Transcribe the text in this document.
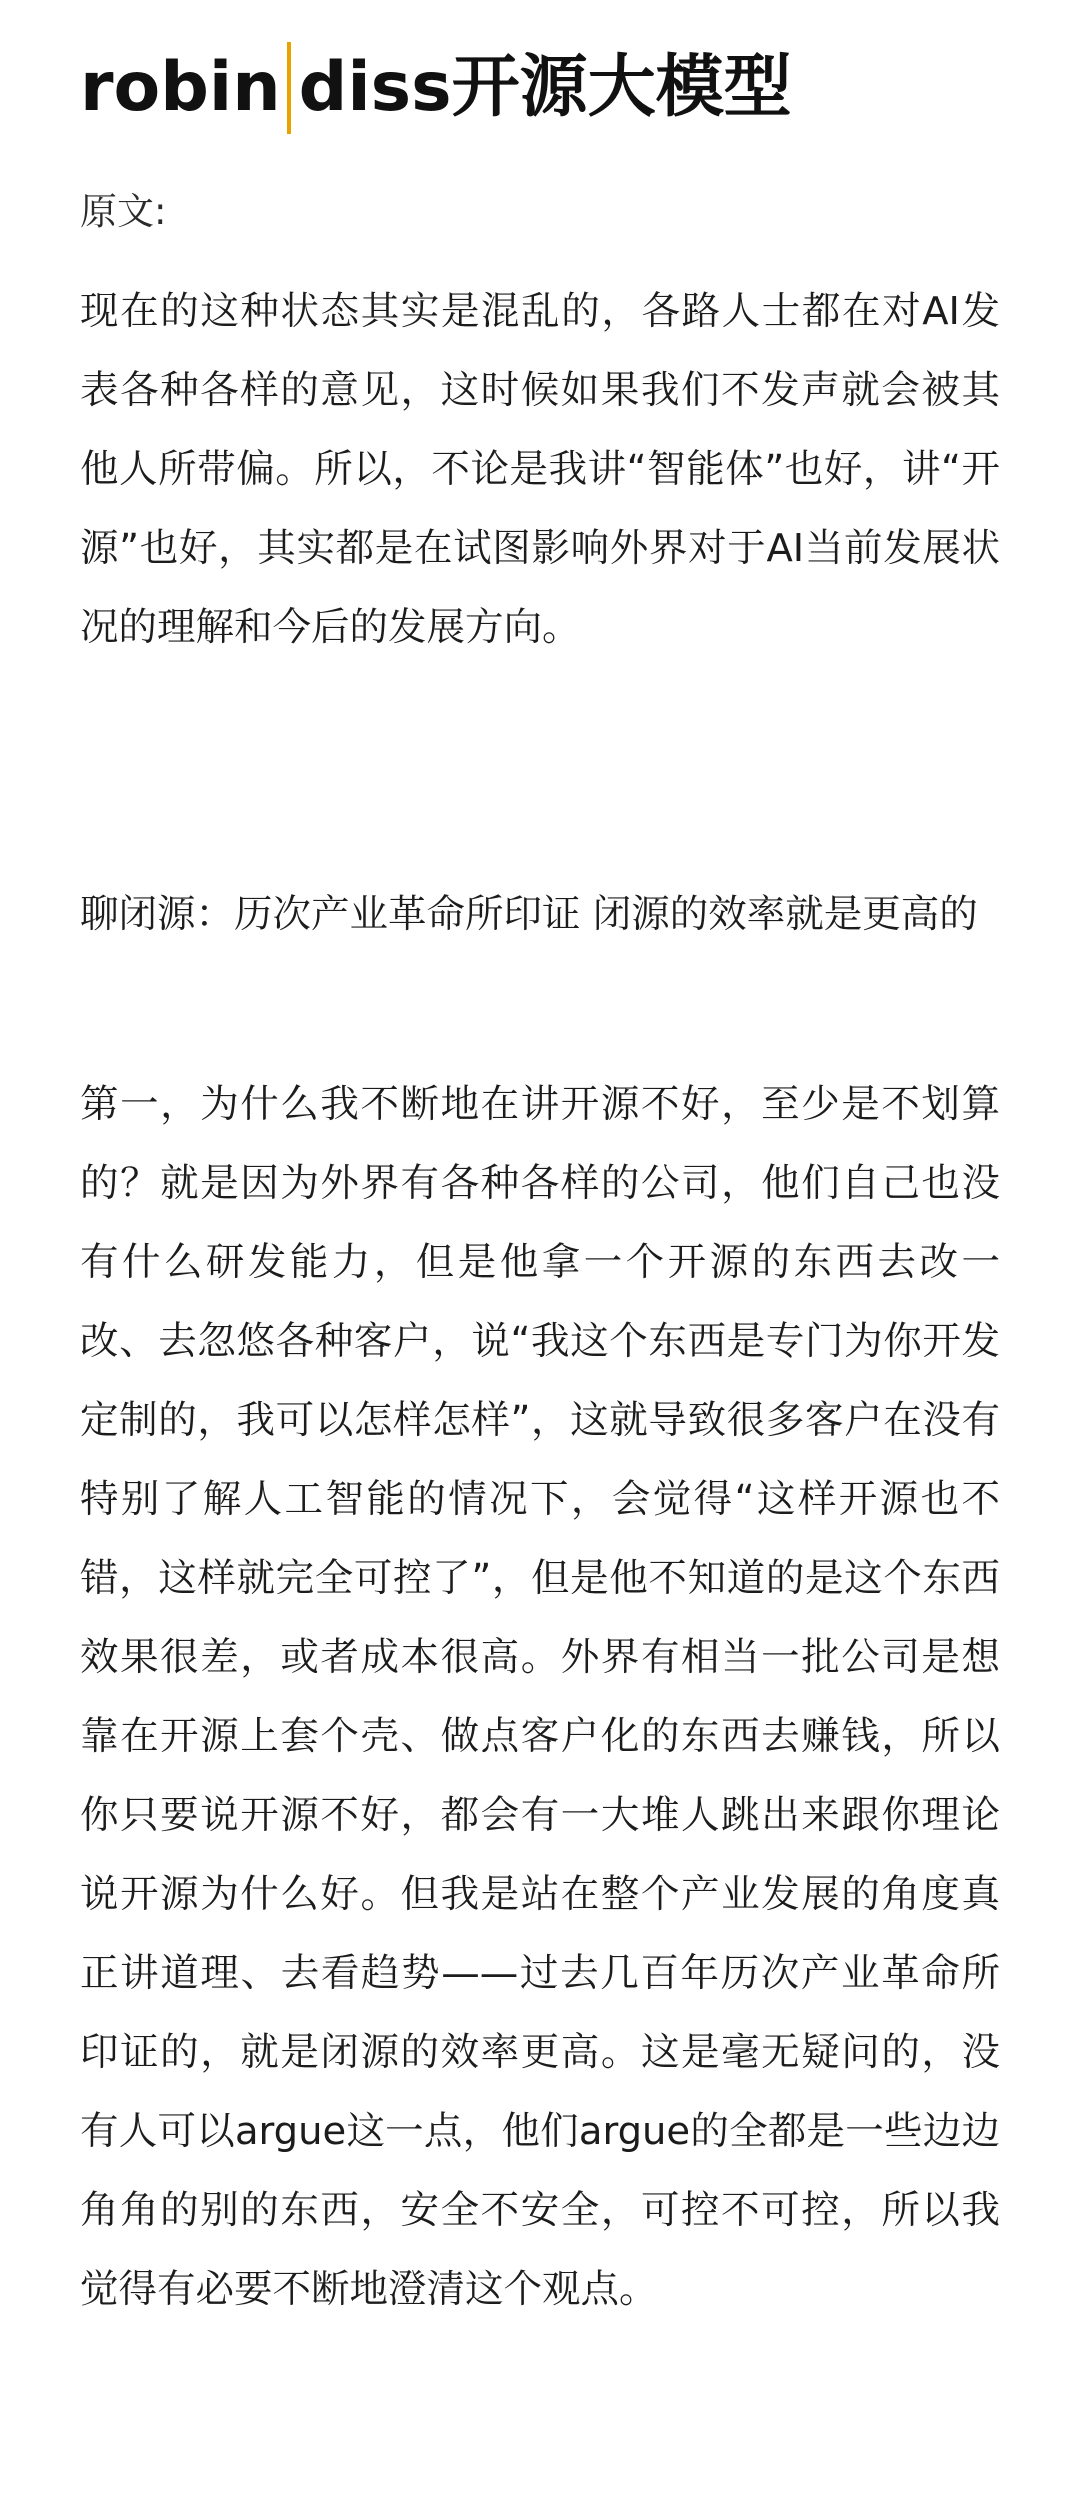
robin diss开源大模型
原文:

现在的这种状态其实是混乱的，各路人士都在对AI发表各种各样的意见，这时候如果我们不发声就会被其他人所带偏。所以，不论是我讲“智能体”也好，讲“开源”也好，其实都是在试图影响外界对于AI当前发展状况的理解和今后的发展方向。

聊闭源：历次产业革命所印证 闭源的效率就是更高的

第一，为什么我不断地在讲开源不好，至少是不划算的？就是因为外界有各种各样的公司，他们自己也没有什么研发能力，但是他拿一个开源的东西去改一改、去忽悠各种客户，说“我这个东西是专门为你开发定制的，我可以怎样怎样”，这就导致很多客户在没有特别了解人工智能的情况下，会觉得“这样开源也不错，这样就完全可控了”，但是他不知道的是这个东西效果很差，或者成本很高。外界有相当一批公司是想靠在开源上套个壳、做点客户化的东西去赚钱，所以你只要说开源不好，都会有一大堆人跳出来跟你理论说开源为什么好。但我是站在整个产业发展的角度真正讲道理、去看趋势——过去几百年历次产业革命所印证的，就是闭源的效率更高。这是毫无疑问的，没有人可以argue这一点，他们argue的全都是一些边边角角的别的东西，安全不安全，可控不可控，所以我觉得有必要不断地澄清这个观点。
